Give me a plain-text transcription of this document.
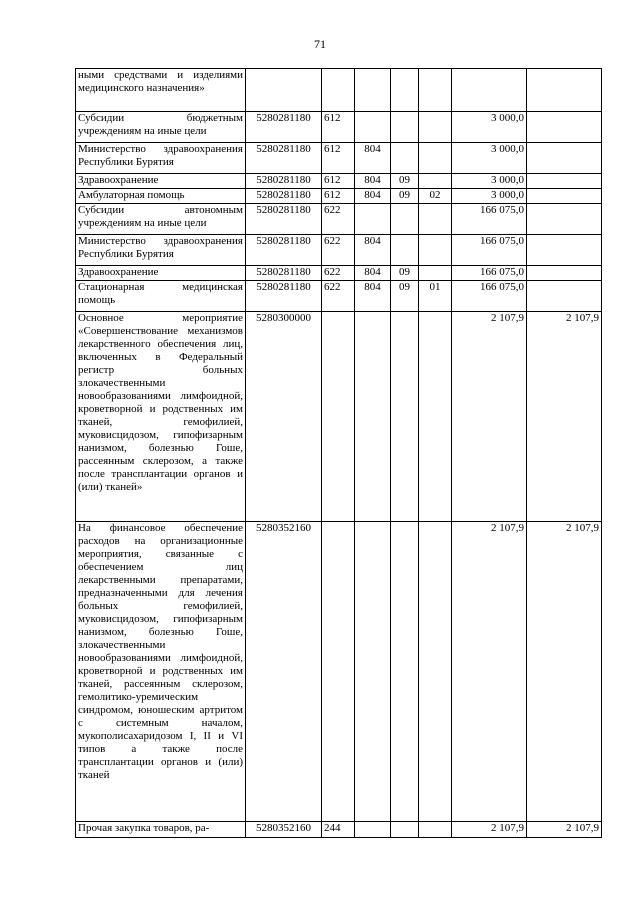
71
ными средствами и изделиями медицинского назначения»							
Субсидии бюджетным учреждениям на иные цели	5280281180	612				3 000,0	
Министерство здравоохранения Республики Бурятия	5280281180	612	804			3 000,0	
Здравоохранение	5280281180	612	804	09		3 000,0	
Амбулаторная помощь	5280281180	612	804	09	02	3 000,0	
Субсидии автономным учреждениям на иные цели	5280281180	622				166 075,0	
Министерство здравоохранения Республики Бурятия	5280281180	622	804			166 075,0	
Здравоохранение	5280281180	622	804	09		166 075,0	
Стационарная медицинская помощь	5280281180	622	804	09	01	166 075,0	
Основное мероприятие «Совершенствование механизмов лекарственного обеспечения лиц, включенных в Федеральный регистр больных злокачественными новообразованиями лимфоидной, кроветворной и родственных им тканей, гемофилией, муковисцидозом, гипофизарным нанизмом, болезнью Гоше, рассеянным склерозом, а также после трансплантации органов и (или) тканей»	5280300000					2 107,9	2 107,9
На финансовое обеспечение расходов на организационные мероприятия, связанные с обеспечением лиц лекарственными препаратами, предназначенными для лечения больных гемофилией, муковисцидозом, гипофизарным нанизмом, болезнью Гоше, злокачественными новообразованиями лимфоидной, кроветворной и родственных им тканей, рассеянным склерозом, гемолитико-уремическим синдромом, юношеским артритом с системным началом, мукополисахаридозом I, II и VI типов а также после трансплантации органов и (или) тканей	5280352160					2 107,9	2 107,9
Прочая закупка товаров, ра-	5280352160	244				2 107,9	2 107,9
